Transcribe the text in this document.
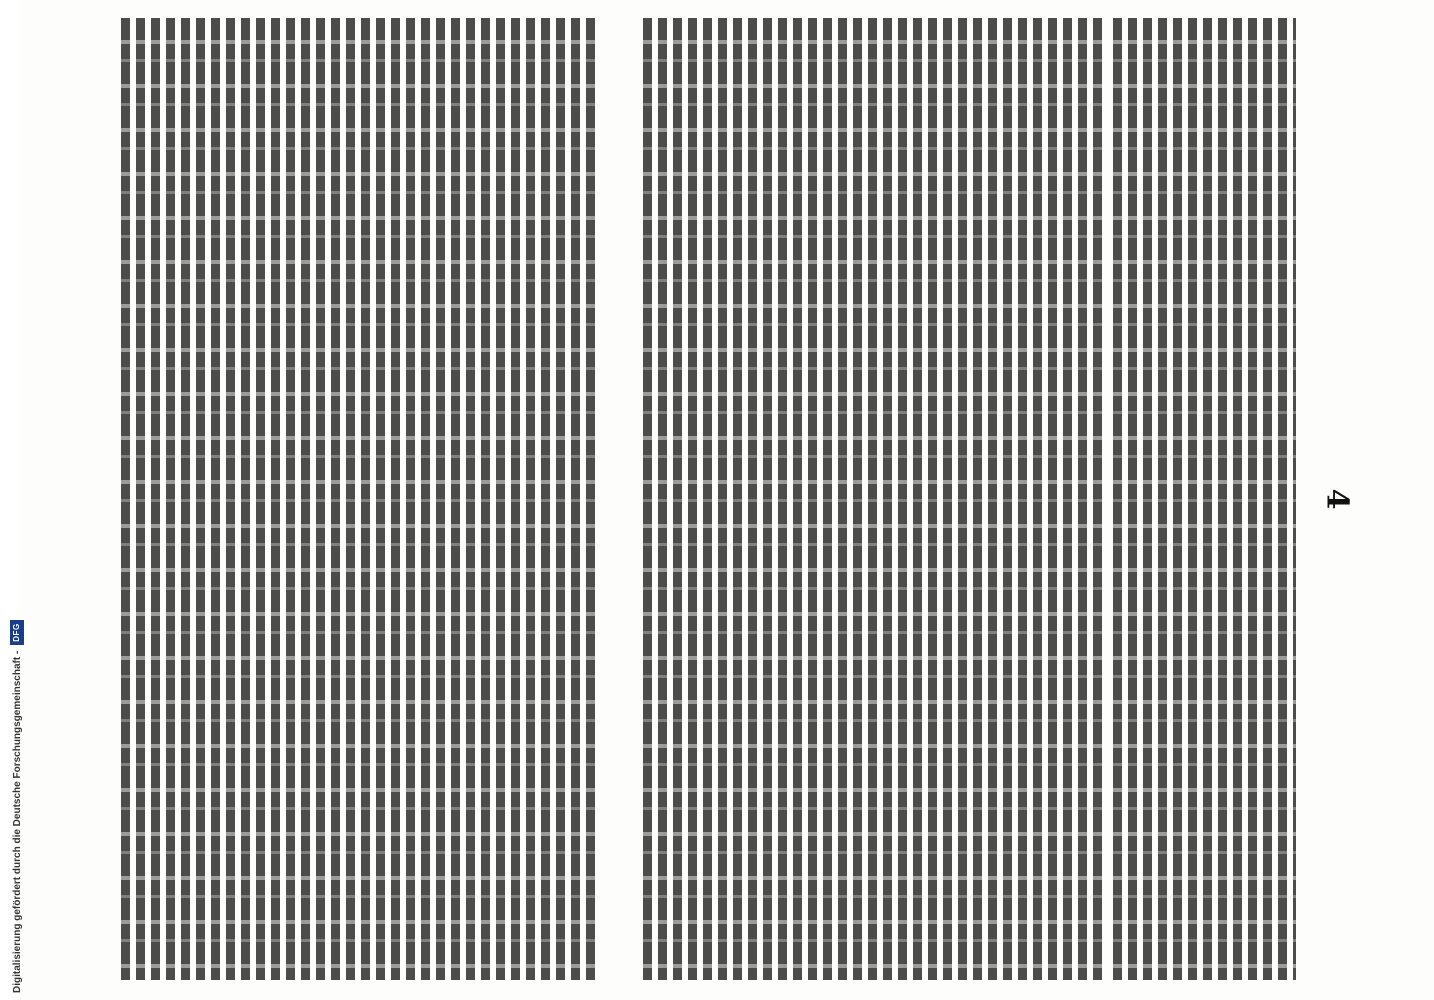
4
Digitalisierung gefördert durch die Deutsche Forschungsgemeinschaft -
DFG
